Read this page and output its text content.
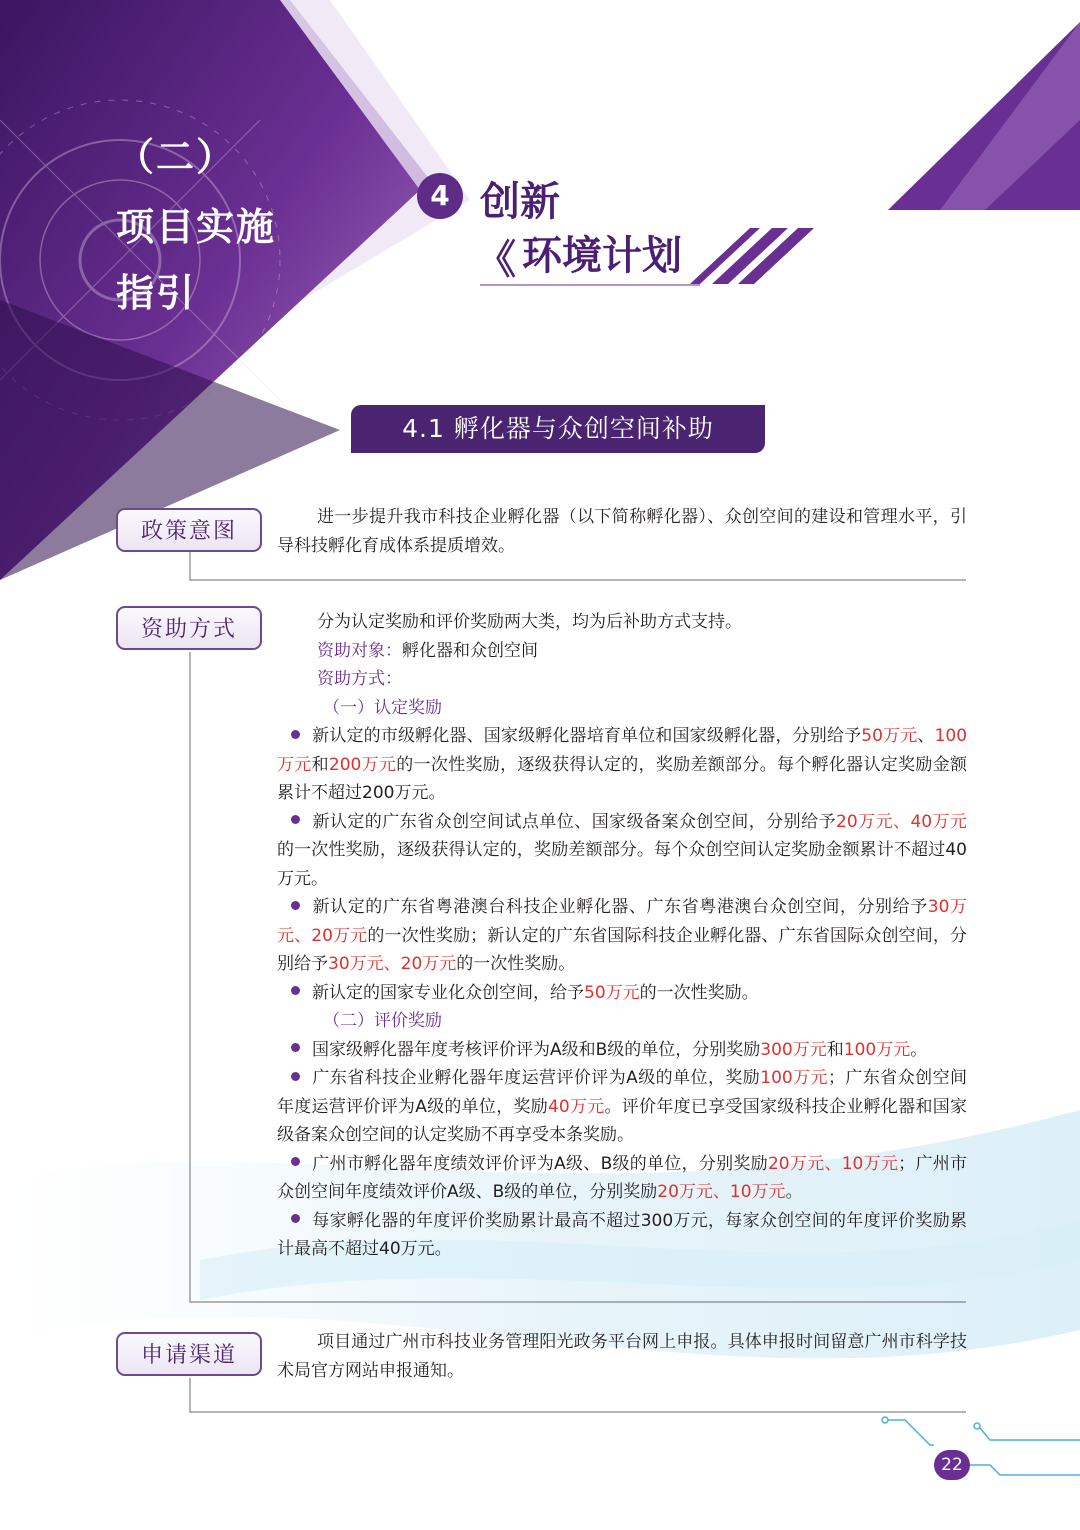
（二）
项目实施
指引
4 创新
《 环境计划
4.1 孵化器与众创空间补助
政策意图
进一步提升我市科技企业孵化器（以下简称孵化器）、众创空间的建设和管理水平，引导科技孵化育成体系提质增效。
资助方式	分为认定奖励和评价奖励两大类，均为后补助方式支持。
资助对象：孵化器和众创空间
资助方式：
（一）认定奖励
新认定的市级孵化器、国家级孵化器培育单位和国家级孵化器，分别给予50万元、100万元和200万元的一次性奖励，逐级获得认定的，奖励差额部分。每个孵化器认定奖励金额累计不超过200万元。
新认定的广东省众创空间试点单位、国家级备案众创空间，分别给予20万元、40万元的一次性奖励，逐级获得认定的，奖励差额部分。每个众创空间认定奖励金额累计不超过40万元。
新认定的广东省粤港澳台科技企业孵化器、广东省粤港澳台众创空间，分别给予30万元、20万元的一次性奖励；新认定的广东省国际科技企业孵化器、广东省国际众创空间，分别给予30万元、20万元的一次性奖励。
新认定的国家专业化众创空间，给予50万元的一次性奖励。
（二）评价奖励
国家级孵化器年度考核评价评为A级和B级的单位，分别奖励300万元和100万元。
广东省科技企业孵化器年度运营评价评为A级的单位，奖励100万元；广东省众创空间年度运营评价评为A级的单位，奖励40万元。评价年度已享受国家级科技企业孵化器和国家级备案众创空间的认定奖励不再享受本条奖励。
广州市孵化器年度绩效评价评为A级、B级的单位，分别奖励20万元、10万元；广州市众创空间年度绩效评价A级、B级的单位，分别奖励20万元、10万元。
每家孵化器的年度评价奖励累计最高不超过300万元，每家众创空间的年度评价奖励累计最高不超过40万元。
申请渠道
项目通过广州市科技业务管理阳光政务平台网上申报。具体申报时间留意广州市科学技术局官方网站申报通知。
22
